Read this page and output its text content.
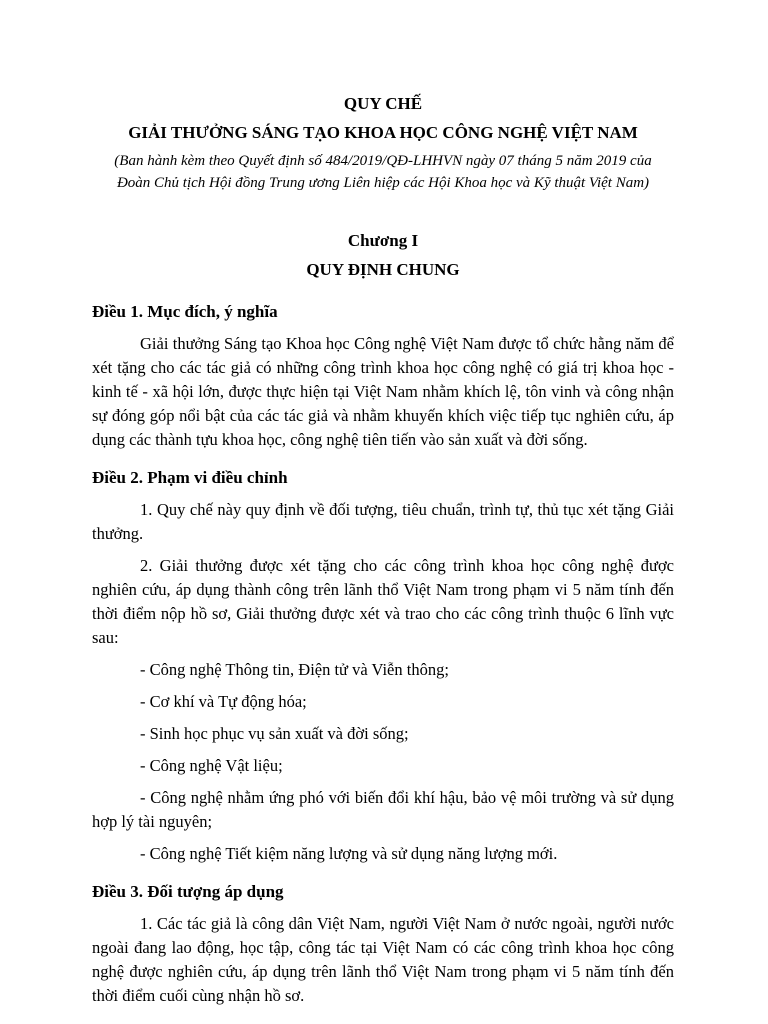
QUY CHẾ

GIẢI THƯỞNG SÁNG TẠO KHOA HỌC CÔNG NGHỆ VIỆT NAM

(Ban hành kèm theo Quyết định số 484/2019/QĐ-LHHVN ngày 07 tháng 5 năm 2019 của

Đoàn Chủ tịch Hội đồng Trung ương Liên hiệp các Hội Khoa học và Kỹ thuật Việt Nam)

Chương I

QUY ĐỊNH CHUNG

Điều 1. Mục đích, ý nghĩa

Giải thưởng Sáng tạo Khoa học Công nghệ Việt Nam được tổ chức hằng năm để xét tặng cho các tác giả có những công trình khoa học công nghệ có giá trị khoa học - kinh tế - xã hội lớn, được thực hiện tại Việt Nam nhằm khích lệ, tôn vinh và công nhận sự đóng góp nổi bật của các tác giả và nhằm khuyến khích việc tiếp tục nghiên cứu, áp dụng các thành tựu khoa học, công nghệ tiên tiến vào sản xuất và đời sống.

Điều 2. Phạm vi điều chỉnh

1. Quy chế này quy định về đối tượng, tiêu chuẩn, trình tự, thủ tục xét tặng Giải thưởng.

2. Giải thưởng được xét tặng cho các công trình khoa học công nghệ được nghiên cứu, áp dụng thành công trên lãnh thổ Việt Nam trong phạm vi 5 năm tính đến thời điểm nộp hồ sơ, Giải thưởng được xét và trao cho các công trình thuộc 6 lĩnh vực sau:

- Công nghệ Thông tin, Điện tử và Viễn thông;

- Cơ khí và Tự động hóa;

- Sinh học phục vụ sản xuất và đời sống;

- Công nghệ Vật liệu;

- Công nghệ nhằm ứng phó với biến đổi khí hậu, bảo vệ môi trường và sử dụng hợp lý tài nguyên;

- Công nghệ Tiết kiệm năng lượng và sử dụng năng lượng mới.

Điều 3. Đối tượng áp dụng

1. Các tác giả là công dân Việt Nam, người Việt Nam ở nước ngoài, người nước ngoài đang lao động, học tập, công tác tại Việt Nam có các công trình khoa học công nghệ được nghiên cứu, áp dụng trên lãnh thổ Việt Nam trong phạm vi 5 năm tính đến thời điểm cuối cùng nhận hồ sơ.
